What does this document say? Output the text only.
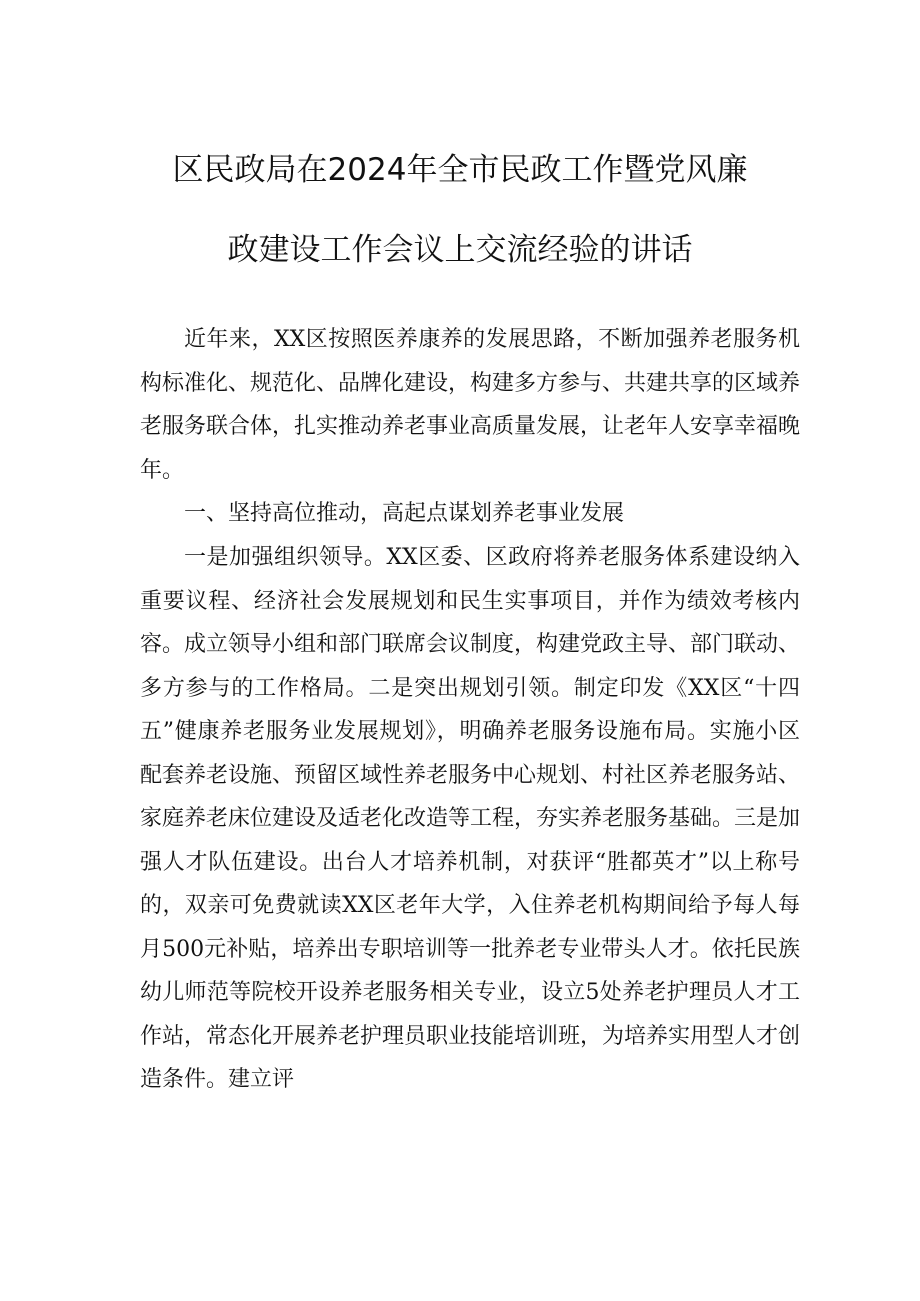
区民政局在2024年全市民政工作暨党风廉
政建设工作会议上交流经验的讲话

近年来，XX区按照医养康养的发展思路，不断加强养老服务机构标准化、规范化、品牌化建设，构建多方参与、共建共享的区域养老服务联合体，扎实推动养老事业高质量发展，让老年人安享幸福晚年。

一、坚持高位推动，高起点谋划养老事业发展

一是加强组织领导。XX区委、区政府将养老服务体系建设纳入重要议程、经济社会发展规划和民生实事项目，并作为绩效考核内容。成立领导小组和部门联席会议制度，构建党政主导、部门联动、多方参与的工作格局。二是突出规划引领。制定印发《XX区“十四五”健康养老服务业发展规划》，明确养老服务设施布局。实施小区配套养老设施、预留区域性养老服务中心规划、村社区养老服务站、家庭养老床位建设及适老化改造等工程，夯实养老服务基础。三是加强人才队伍建设。出台人才培养机制，对获评“胜都英才”以上称号的，双亲可免费就读XX区老年大学，入住养老机构期间给予每人每月500元补贴，培养出专职培训等一批养老专业带头人才。依托民族幼儿师范等院校开设养老服务相关专业，设立5处养老护理员人才工作站，常态化开展养老护理员职业技能培训班，为培养实用型人才创造条件。建立评
